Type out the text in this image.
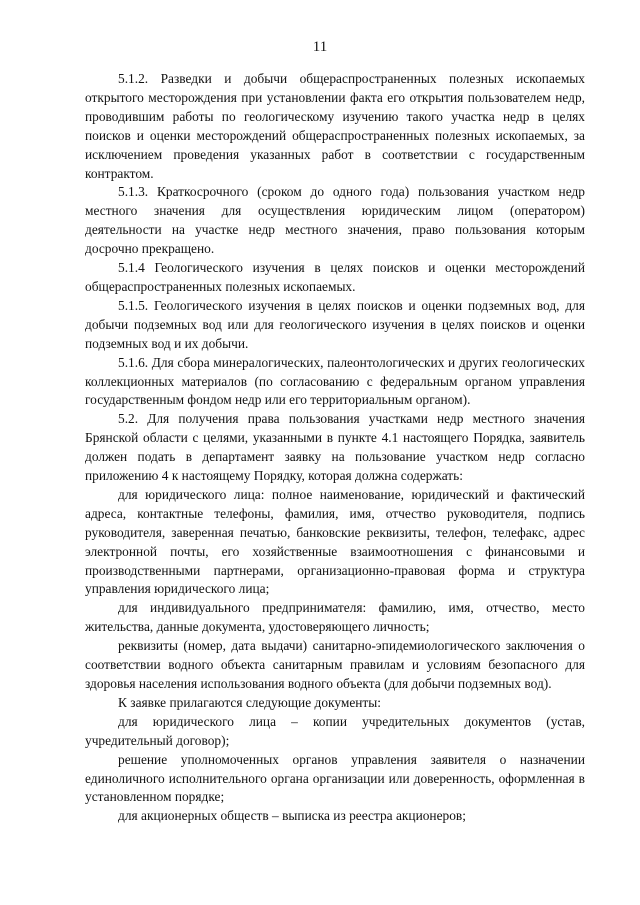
11

5.1.2. Разведки и добычи общераспространенных полезных ископаемых открытого месторождения при установлении факта его открытия пользователем недр, проводившим работы по геологическому изучению такого участка недр в целях поисков и оценки месторождений общераспространенных полезных ископаемых, за исключением проведения указанных работ в соответствии с государственным контрактом.

5.1.3. Краткосрочного (сроком до одного года) пользования участком недр местного значения для осуществления юридическим лицом (оператором) деятельности на участке недр местного значения, право пользования которым досрочно прекращено.

5.1.4 Геологического изучения в целях поисков и оценки месторождений общераспространенных полезных ископаемых.

5.1.5. Геологического изучения в целях поисков и оценки подземных вод, для добычи подземных вод или для геологического изучения в целях поисков и оценки подземных вод и их добычи.

5.1.6. Для сбора минералогических, палеонтологических и других геологических коллекционных материалов (по согласованию с федеральным органом управления государственным фондом недр или его территориальным органом).

5.2. Для получения права пользования участками недр местного значения Брянской области с целями, указанными в пункте 4.1 настоящего Порядка, заявитель должен подать в департамент заявку на пользование участком недр согласно приложению 4 к настоящему Порядку, которая должна содержать:

для юридического лица: полное наименование, юридический и фактический адреса, контактные телефоны, фамилия, имя, отчество руководителя, подпись руководителя, заверенная печатью, банковские реквизиты, телефон, телефакс, адрес электронной почты, его хозяйственные взаимоотношения с финансовыми и производственными партнерами, организационно-правовая форма и структура управления юридического лица;

для индивидуального предпринимателя: фамилию, имя, отчество, место жительства, данные документа, удостоверяющего личность;

реквизиты (номер, дата выдачи) санитарно-эпидемиологического заключения о соответствии водного объекта санитарным правилам и условиям безопасного для здоровья населения использования водного объекта (для добычи подземных вод).

К заявке прилагаются следующие документы:

для юридического лица – копии учредительных документов (устав, учредительный договор);

решение уполномоченных органов управления заявителя о назначении единоличного исполнительного органа организации или доверенность, оформленная в установленном порядке;

для акционерных обществ – выписка из реестра акционеров;
